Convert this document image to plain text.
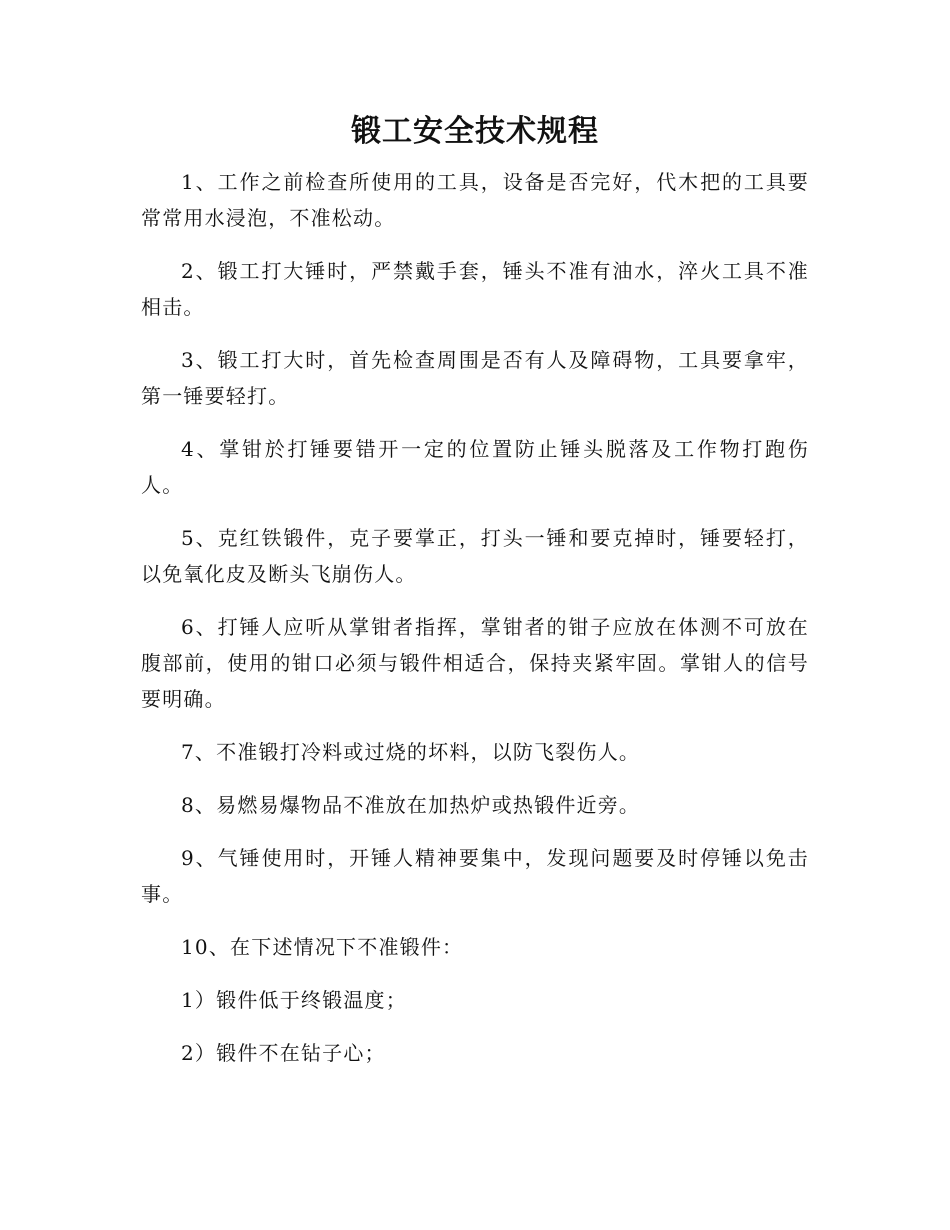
锻工安全技术规程

1、工作之前检查所使用的工具，设备是否完好，代木把的工具要常常用水浸泡，不准松动。

2、锻工打大锤时，严禁戴手套，锤头不准有油水，淬火工具不准相击。

3、锻工打大时，首先检查周围是否有人及障碍物，工具要拿牢，第一锤要轻打。

4、掌钳於打锤要错开一定的位置防止锤头脱落及工作物打跑伤人。

5、克红铁锻件，克子要掌正，打头一锤和要克掉时，锤要轻打，以免氧化皮及断头飞崩伤人。

6、打锤人应听从掌钳者指挥，掌钳者的钳子应放在体测不可放在腹部前，使用的钳口必须与锻件相适合，保持夹紧牢固。掌钳人的信号要明确。

7、不准锻打冷料或过烧的坏料，以防飞裂伤人。

8、易燃易爆物品不准放在加热炉或热锻件近旁。

9、气锤使用时，开锤人精神要集中，发现问题要及时停锤以免击事。

10、在下述情况下不准锻件：

1）锻件低于终锻温度；

2）锻件不在钻子心；
